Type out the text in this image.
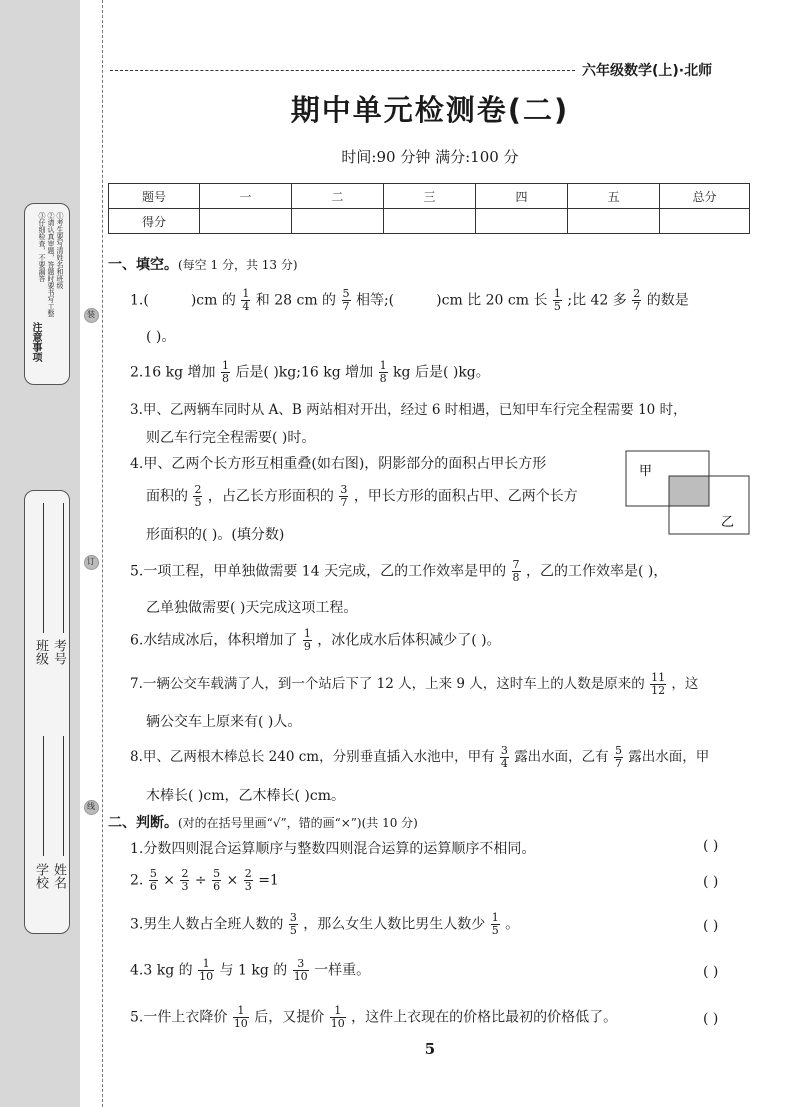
注意事项
①考生要写清姓名和班级
②请认真审题，答题时要书写工整
③仔细检查，不要漏答
学校 姓名
班级 考号
装
订
线
六年级数学(上)·北师
期中单元检测卷(二)
时间:90 分钟 满分:100 分
题号	一	二	三	四	五	总分
得分						
一、填空。(每空 1 分，共 13 分)
1.(	)cm 的 $\frac{1}{4}$ 和 28 cm 的 $\frac{5}{7}$ 相等;(	)cm 比 20 cm 长 $\frac{1}{5}$ ;比 42 多 $\frac{2}{7}$ 的数是
( )。
2.16 kg 增加 $\frac{1}{8}$ 后是( )kg;16 kg 增加 $\frac{1}{8}$ kg 后是( )kg。
3.甲、乙两辆车同时从 A、B 两站相对开出，经过 6 时相遇，已知甲车行完全程需要 10 时，
则乙车行完全程需要( )时。
4.甲、乙两个长方形互相重叠(如右图)，阴影部分的面积占甲长方形
面积的 $\frac{2}{5}$ ，占乙长方形面积的 $\frac{3}{7}$ ，甲长方形的面积占甲、乙两个长方
形面积的( )。(填分数)
甲
乙
5.一项工程，甲单独做需要 14 天完成，乙的工作效率是甲的 $\frac{7}{8}$ ，乙的工作效率是( )，
乙单独做需要( )天完成这项工程。
6.水结成冰后，体积增加了 $\frac{1}{9}$ ，冰化成水后体积减少了( )。
7.一辆公交车载满了人，到一个站后下了 12 人，上来 9 人，这时车上的人数是原来的 $\frac{11}{12}$ ，这
辆公交车上原来有( )人。
8.甲、乙两根木棒总长 240 cm，分别垂直插入水池中，甲有 $\frac{3}{4}$ 露出水面，乙有 $\frac{5}{7}$ 露出水面，甲
木棒长( )cm，乙木棒长( )cm。
二、判断。(对的在括号里画“√”，错的画“×”)(共 10 分)
1.分数四则混合运算顺序与整数四则混合运算的运算顺序不相同。	( )
2. $\frac{5}{6} \times \frac{2}{3} \div \frac{5}{6} \times \frac{2}{3} =1$	( )
3.男生人数占全班人数的 $\frac{3}{5}$ ，那么女生人数比男生人数少 $\frac{1}{5}$ 。	( )
4.3 kg 的 $\frac{1}{10}$ 与 1 kg 的 $\frac{3}{10}$ 一样重。	( )
5.一件上衣降价 $\frac{1}{10}$ 后，又提价 $\frac{1}{10}$ ，这件上衣现在的价格比最初的价格低了。	( )
5
